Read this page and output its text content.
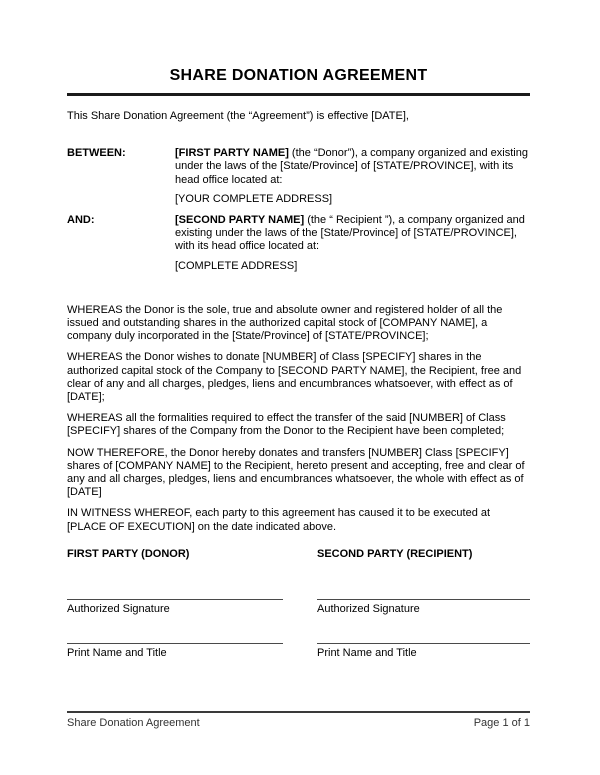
SHARE DONATION AGREEMENT

This Share Donation Agreement (the “Agreement”) is effective [DATE],

BETWEEN:	[FIRST PARTY NAME] (the “Donor”), a company organized and existing under the laws of the [State/Province] of [STATE/PROVINCE], with its head office located at:
[YOUR COMPLETE ADDRESS]
AND:	[SECOND PARTY NAME] (the “ Recipient ”), a company organized and existing under the laws of the [State/Province] of [STATE/PROVINCE], with its head office located at:
[COMPLETE ADDRESS]

WHEREAS the Donor is the sole, true and absolute owner and registered holder of all the issued and outstanding shares in the authorized capital stock of [COMPANY NAME], a company duly incorporated in the [State/Province] of [STATE/PROVINCE];

WHEREAS the Donor wishes to donate [NUMBER] of Class [SPECIFY] shares in the authorized capital stock of the Company to [SECOND PARTY NAME], the Recipient, free and clear of any and all charges, pledges, liens and encumbrances whatsoever, with effect as of [DATE];

WHEREAS all the formalities required to effect the transfer of the said [NUMBER] of Class [SPECIFY] shares of the Company from the Donor to the Recipient have been completed;

NOW THEREFORE, the Donor hereby donates and transfers [NUMBER] Class [SPECIFY] shares of [COMPANY NAME] to the Recipient, hereto present and accepting, free and clear of any and all charges, pledges, liens and encumbrances whatsoever, the whole with effect as of [DATE]

IN WITNESS WHEREOF, each party to this agreement has caused it to be executed at [PLACE OF EXECUTION] on the date indicated above.

FIRST PARTY (DONOR)

Authorized Signature
Print Name and Title

SECOND PARTY (RECIPIENT)

Authorized Signature
Print Name and Title
Share Donation Agreement	Page 1 of 1
